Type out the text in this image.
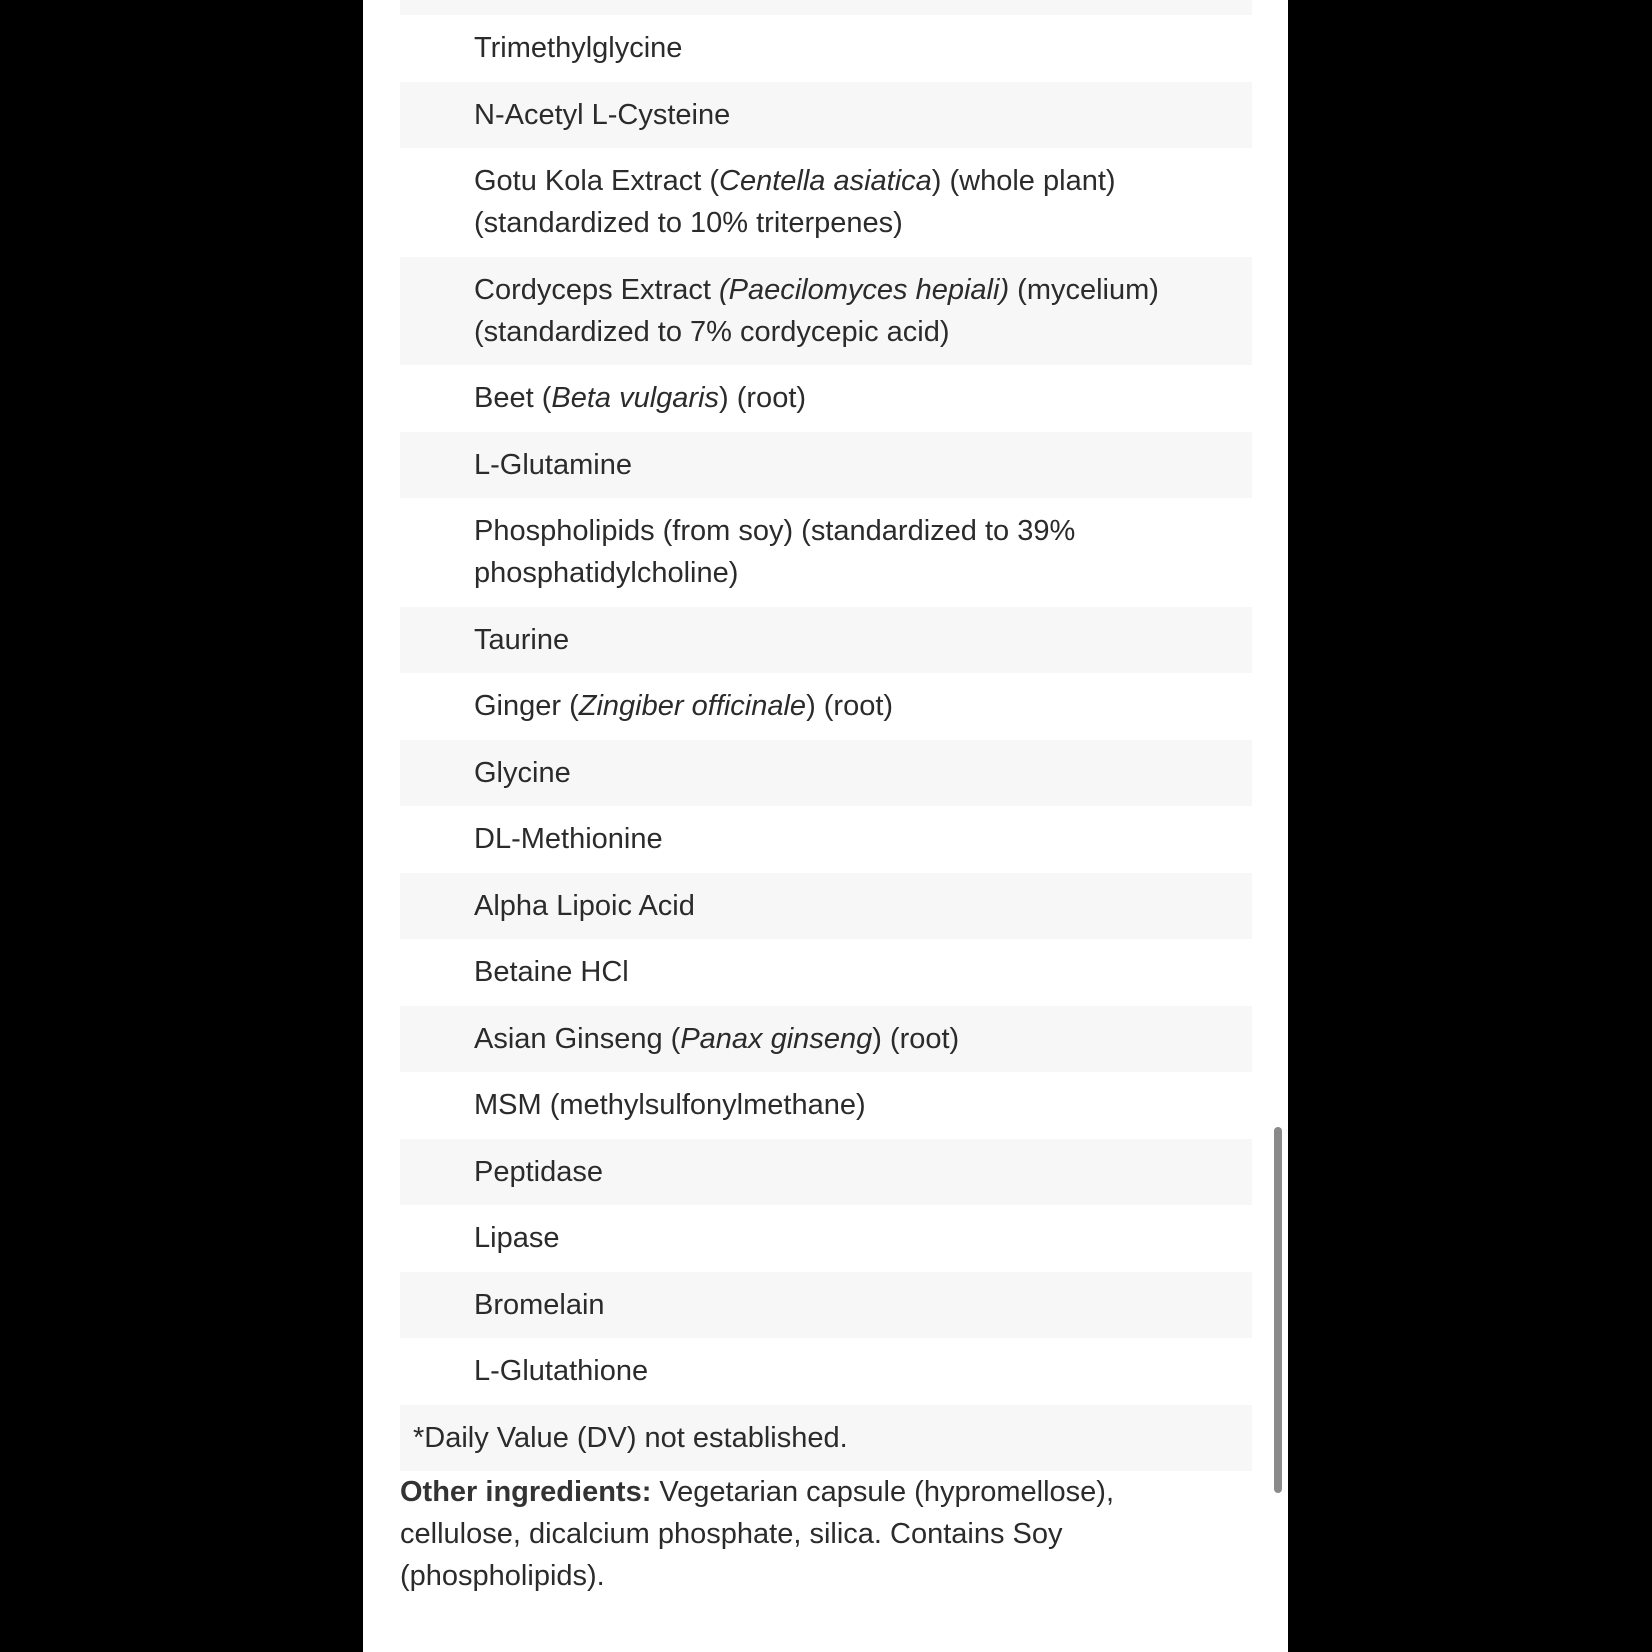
Trimethylglycine
N-Acetyl L-Cysteine
Gotu Kola Extract (Centella asiatica) (whole plant) (standardized to 10% triterpenes)
Cordyceps Extract (Paecilomyces hepiali) (mycelium) (standardized to 7% cordycepic acid)
Beet (Beta vulgaris) (root)
L-Glutamine
Phospholipids (from soy) (standardized to 39% phosphatidylcholine)
Taurine
Ginger (Zingiber officinale) (root)
Glycine
DL-Methionine
Alpha Lipoic Acid
Betaine HCl
Asian Ginseng (Panax ginseng) (root)
MSM (methylsulfonylmethane)
Peptidase
Lipase
Bromelain
L-Glutathione
*Daily Value (DV) not established.
Other ingredients: Vegetarian capsule (hypromellose), cellulose, dicalcium phosphate, silica. Contains Soy (phospholipids).
